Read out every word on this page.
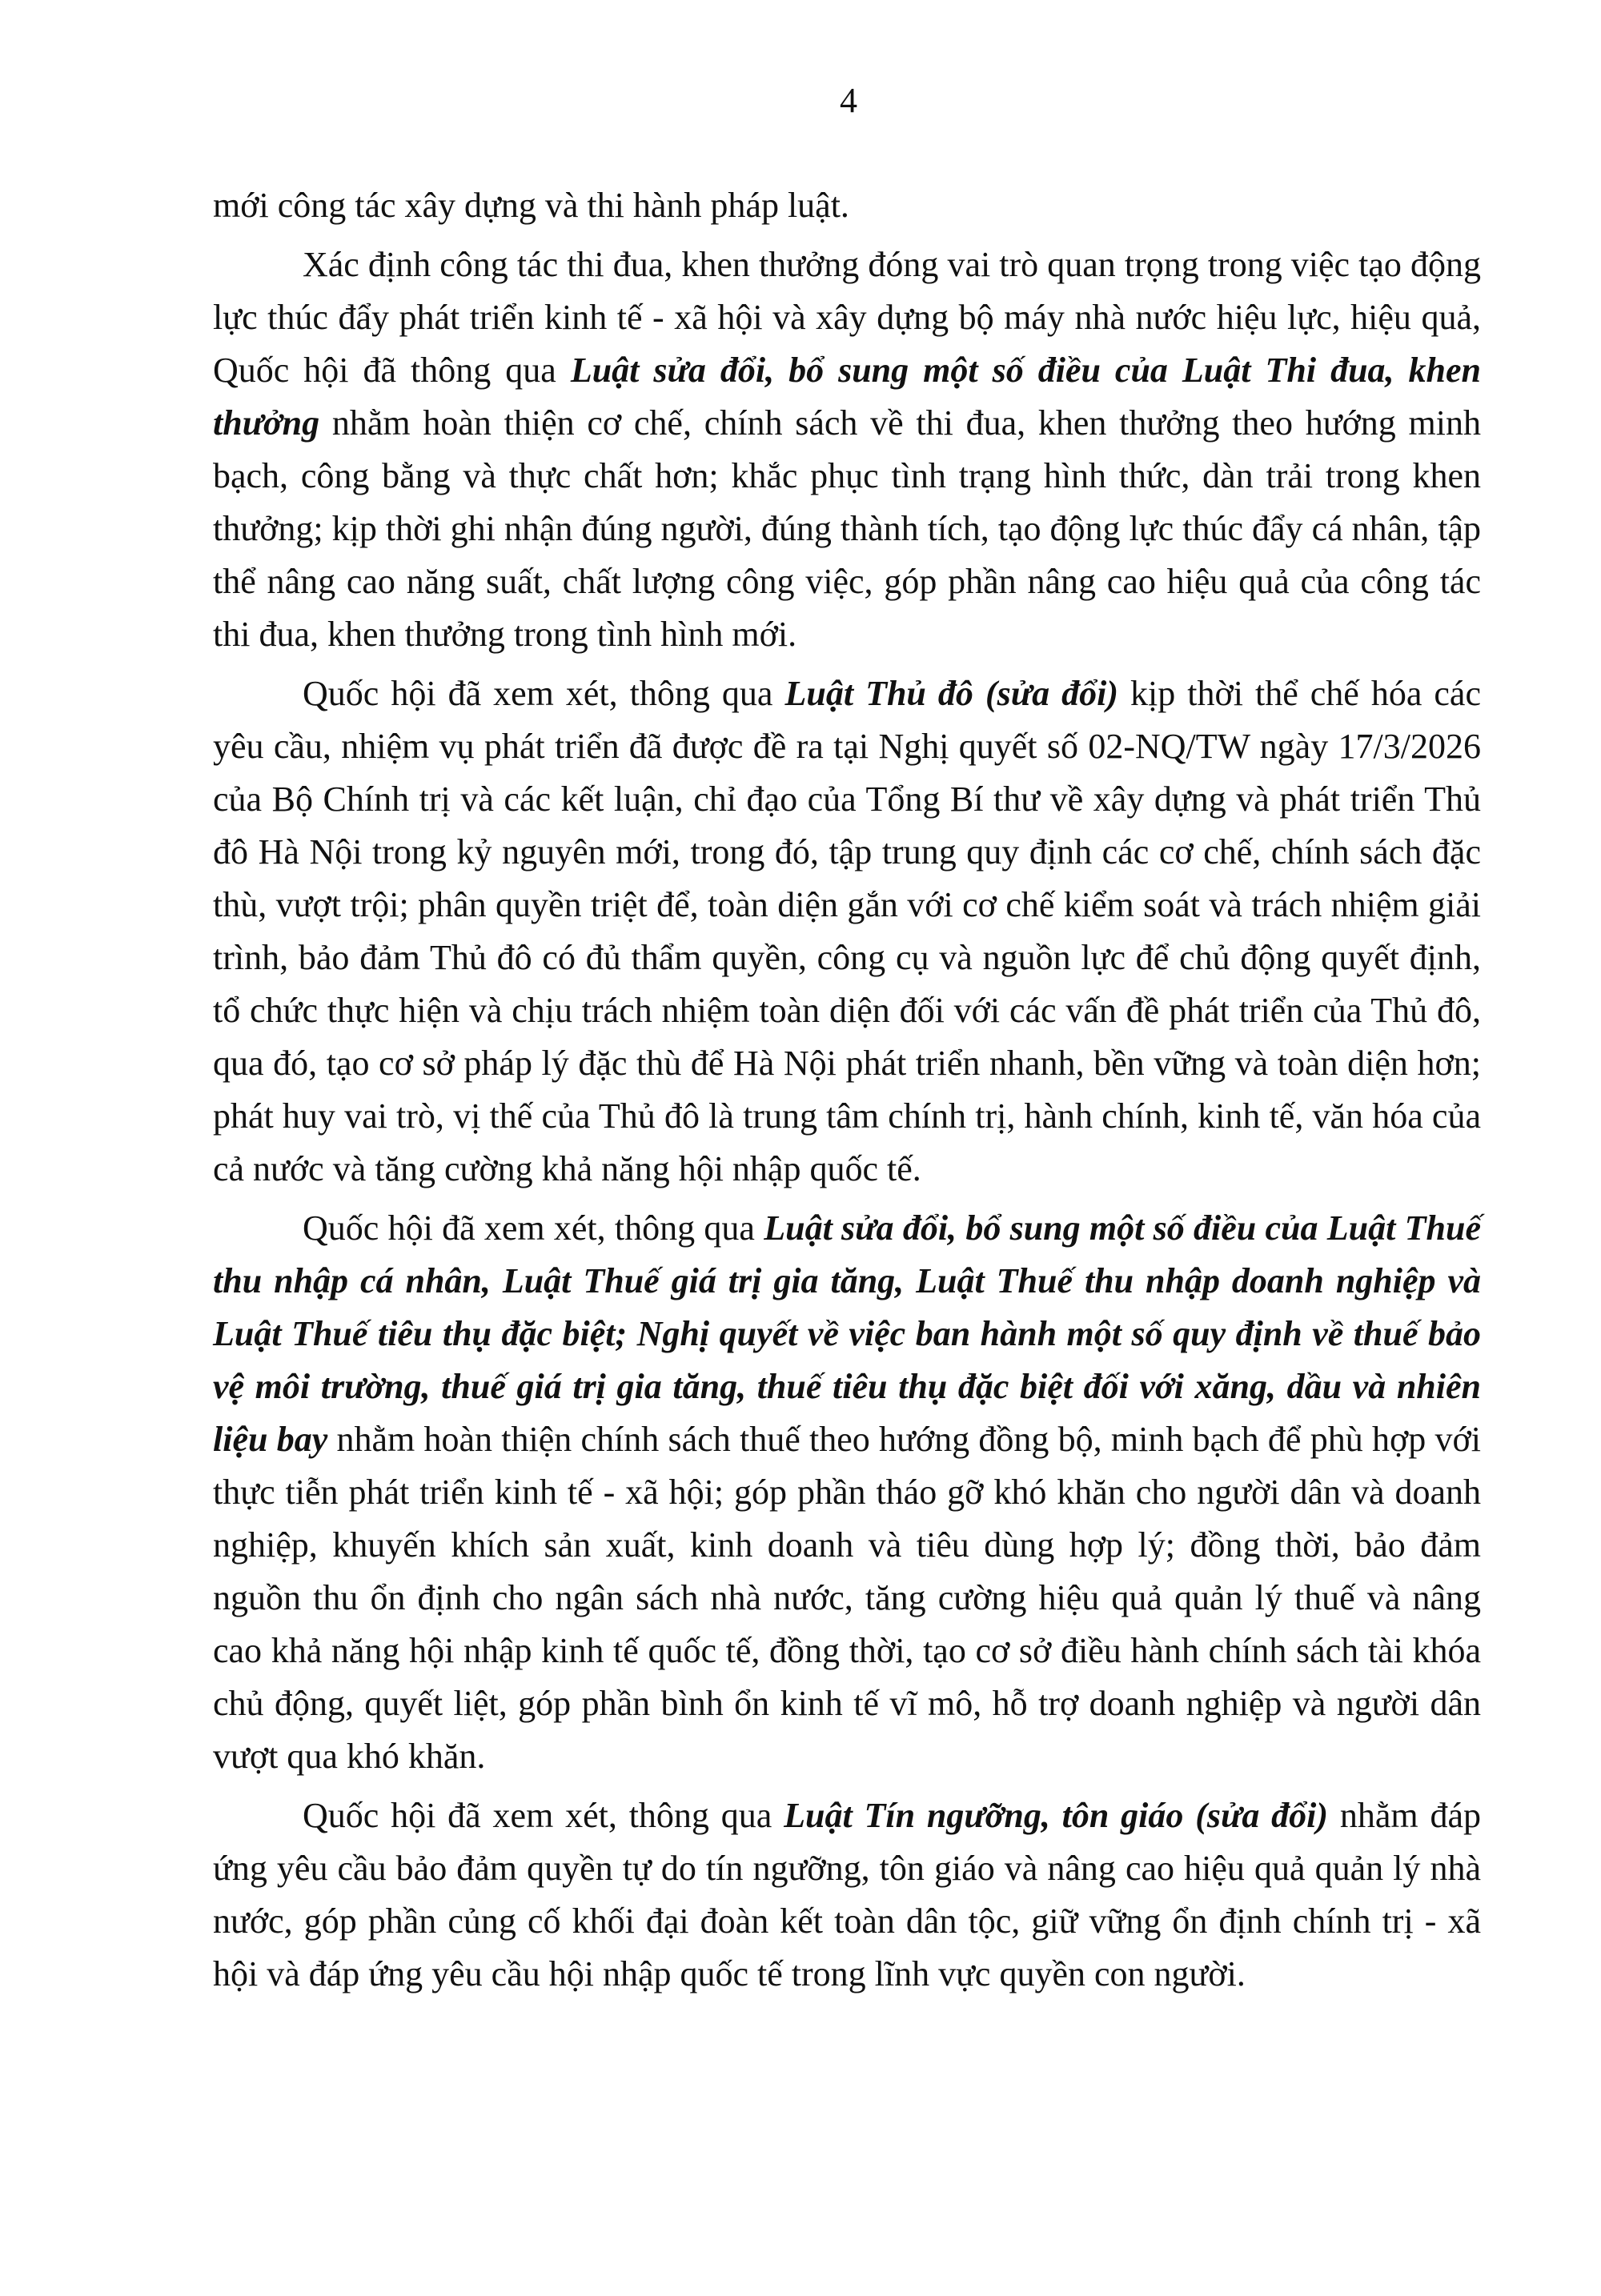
4

mới công tác xây dựng và thi hành pháp luật.

Xác định công tác thi đua, khen thưởng đóng vai trò quan trọng trong việc tạo động lực thúc đẩy phát triển kinh tế - xã hội và xây dựng bộ máy nhà nước hiệu lực, hiệu quả, Quốc hội đã thông qua Luật sửa đổi, bổ sung một số điều của Luật Thi đua, khen thưởng nhằm hoàn thiện cơ chế, chính sách về thi đua, khen thưởng theo hướng minh bạch, công bằng và thực chất hơn; khắc phục tình trạng hình thức, dàn trải trong khen thưởng; kịp thời ghi nhận đúng người, đúng thành tích, tạo động lực thúc đẩy cá nhân, tập thể nâng cao năng suất, chất lượng công việc, góp phần nâng cao hiệu quả của công tác thi đua, khen thưởng trong tình hình mới.

Quốc hội đã xem xét, thông qua Luật Thủ đô (sửa đổi) kịp thời thể chế hóa các yêu cầu, nhiệm vụ phát triển đã được đề ra tại Nghị quyết số 02-NQ/TW ngày 17/3/2026 của Bộ Chính trị và các kết luận, chỉ đạo của Tổng Bí thư về xây dựng và phát triển Thủ đô Hà Nội trong kỷ nguyên mới, trong đó, tập trung quy định các cơ chế, chính sách đặc thù, vượt trội; phân quyền triệt để, toàn diện gắn với cơ chế kiểm soát và trách nhiệm giải trình, bảo đảm Thủ đô có đủ thẩm quyền, công cụ và nguồn lực để chủ động quyết định, tổ chức thực hiện và chịu trách nhiệm toàn diện đối với các vấn đề phát triển của Thủ đô, qua đó, tạo cơ sở pháp lý đặc thù để Hà Nội phát triển nhanh, bền vững và toàn diện hơn; phát huy vai trò, vị thế của Thủ đô là trung tâm chính trị, hành chính, kinh tế, văn hóa của cả nước và tăng cường khả năng hội nhập quốc tế.

Quốc hội đã xem xét, thông qua Luật sửa đổi, bổ sung một số điều của Luật Thuế thu nhập cá nhân, Luật Thuế giá trị gia tăng, Luật Thuế thu nhập doanh nghiệp và Luật Thuế tiêu thụ đặc biệt; Nghị quyết về việc ban hành một số quy định về thuế bảo vệ môi trường, thuế giá trị gia tăng, thuế tiêu thụ đặc biệt đối với xăng, dầu và nhiên liệu bay nhằm hoàn thiện chính sách thuế theo hướng đồng bộ, minh bạch để phù hợp với thực tiễn phát triển kinh tế - xã hội; góp phần tháo gỡ khó khăn cho người dân và doanh nghiệp, khuyến khích sản xuất, kinh doanh và tiêu dùng hợp lý; đồng thời, bảo đảm nguồn thu ổn định cho ngân sách nhà nước, tăng cường hiệu quả quản lý thuế và nâng cao khả năng hội nhập kinh tế quốc tế, đồng thời, tạo cơ sở điều hành chính sách tài khóa chủ động, quyết liệt, góp phần bình ổn kinh tế vĩ mô, hỗ trợ doanh nghiệp và người dân vượt qua khó khăn.

Quốc hội đã xem xét, thông qua Luật Tín ngưỡng, tôn giáo (sửa đổi) nhằm đáp ứng yêu cầu bảo đảm quyền tự do tín ngưỡng, tôn giáo và nâng cao hiệu quả quản lý nhà nước, góp phần củng cố khối đại đoàn kết toàn dân tộc, giữ vững ổn định chính trị - xã hội và đáp ứng yêu cầu hội nhập quốc tế trong lĩnh vực quyền con người.
